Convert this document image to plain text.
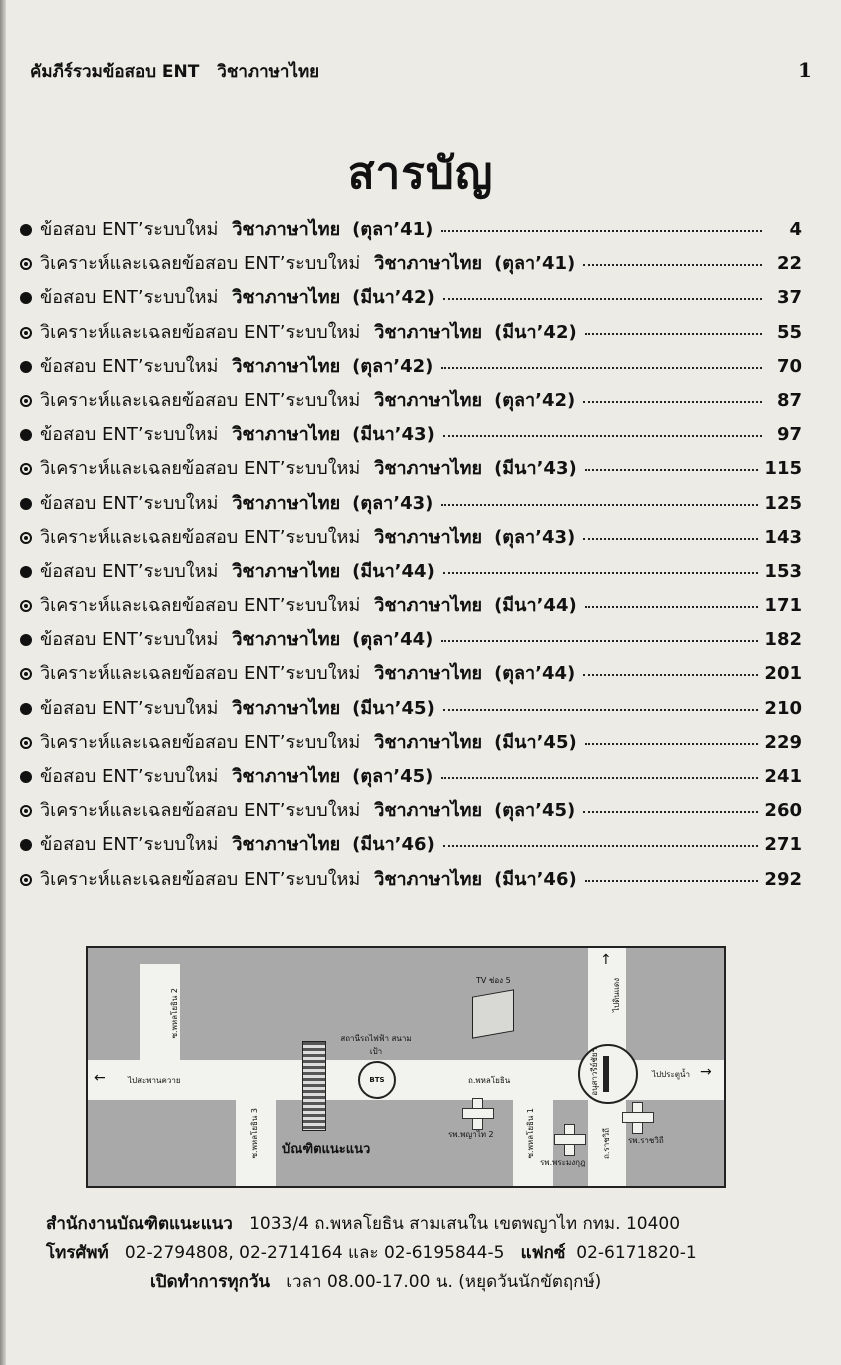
คัมภีร์รวมข้อสอบ ENT วิชาภาษาไทย	1
สารบัญ
ข้อสอบ ENT’ระบบใหม่ วิชาภาษาไทย (ตุลา’41)	4
วิเคราะห์และเฉลยข้อสอบ ENT’ระบบใหม่ วิชาภาษาไทย (ตุลา’41)	22
ข้อสอบ ENT’ระบบใหม่ วิชาภาษาไทย (มีนา’42)	37
วิเคราะห์และเฉลยข้อสอบ ENT’ระบบใหม่ วิชาภาษาไทย (มีนา’42)	55
ข้อสอบ ENT’ระบบใหม่ วิชาภาษาไทย (ตุลา’42)	70
วิเคราะห์และเฉลยข้อสอบ ENT’ระบบใหม่ วิชาภาษาไทย (ตุลา’42)	87
ข้อสอบ ENT’ระบบใหม่ วิชาภาษาไทย (มีนา’43)	97
วิเคราะห์และเฉลยข้อสอบ ENT’ระบบใหม่ วิชาภาษาไทย (มีนา’43)	115
ข้อสอบ ENT’ระบบใหม่ วิชาภาษาไทย (ตุลา’43)	125
วิเคราะห์และเฉลยข้อสอบ ENT’ระบบใหม่ วิชาภาษาไทย (ตุลา’43)	143
ข้อสอบ ENT’ระบบใหม่ วิชาภาษาไทย (มีนา’44)	153
วิเคราะห์และเฉลยข้อสอบ ENT’ระบบใหม่ วิชาภาษาไทย (มีนา’44)	171
ข้อสอบ ENT’ระบบใหม่ วิชาภาษาไทย (ตุลา’44)	182
วิเคราะห์และเฉลยข้อสอบ ENT’ระบบใหม่ วิชาภาษาไทย (ตุลา’44)	201
ข้อสอบ ENT’ระบบใหม่ วิชาภาษาไทย (มีนา’45)	210
วิเคราะห์และเฉลยข้อสอบ ENT’ระบบใหม่ วิชาภาษาไทย (มีนา’45)	229
ข้อสอบ ENT’ระบบใหม่ วิชาภาษาไทย (ตุลา’45)	241
วิเคราะห์และเฉลยข้อสอบ ENT’ระบบใหม่ วิชาภาษาไทย (ตุลา’45)	260
ข้อสอบ ENT’ระบบใหม่ วิชาภาษาไทย (มีนา’46)	271
วิเคราะห์และเฉลยข้อสอบ ENT’ระบบใหม่ วิชาภาษาไทย (มีนา’46)	292
ซ.พหลโยธิน 2
←	ไปสะพานควาย
ซ.พหลโยธิน 3 บัณฑิตแนะแนว
สถานีรถไฟฟ้า สนามเป้า
BTS
TV ช่อง 5
ถ.พหลโยธิน
รพ.พญาไท 2	ซ.พหลโยธิน 1
อนุสาวรีย์ชัยฯ
↑
ไปดินแดง
ไปประตูน้ำ →
รพ.พระมงกุฎ
ถ.ราชวิถี รพ.ราชวิถี
สำนักงานบัณฑิตแนะแนว 1033/4 ถ.พหลโยธิน สามเสนใน เขตพญาไท กทม. 10400
โทรศัพท์ 02-2794808, 02-2714164 และ 02-6195844-5 แฟกซ์ 02-6171820-1
เปิดทำการทุกวัน เวลา 08.00-17.00 น. (หยุดวันนักขัตฤกษ์)
